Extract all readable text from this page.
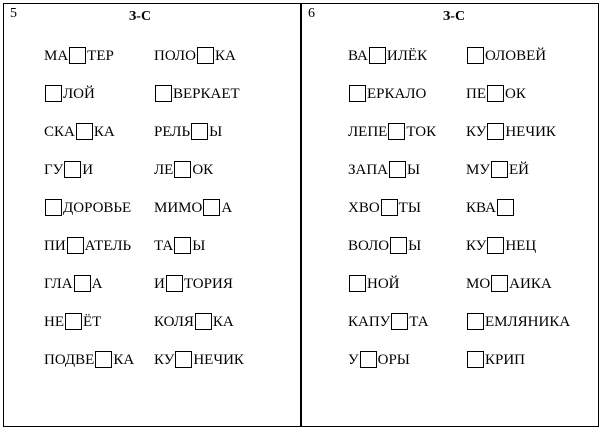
5	З-С
МА ТЕР
ЛОЙ
СКА КА
ГУ И
ДОРОВЬЕ
ПИ АТЕЛЬ
ГЛА А
НЕ ЁТ
ПОДВЕ КА
ПОЛО КА
ВЕРКАЕТ
РЕЛЬ Ы
ЛЕ ОК
МИМО А
ТА Ы
И ТОРИЯ
КОЛЯ КА
КУ НЕЧИК
6	З-С
ВА ИЛЁК
ЕРКАЛО
ЛЕПЕ ТОК
ЗАПА Ы
ХВО ТЫ
ВОЛО Ы
НОЙ
КАПУ ТА
У ОРЫ
ОЛОВЕЙ
ПЕ ОК
КУ НЕЧИК
МУ ЕЙ
КВА
КУ НЕЦ
МО АИКА
ЕМЛЯНИКА
КРИП
